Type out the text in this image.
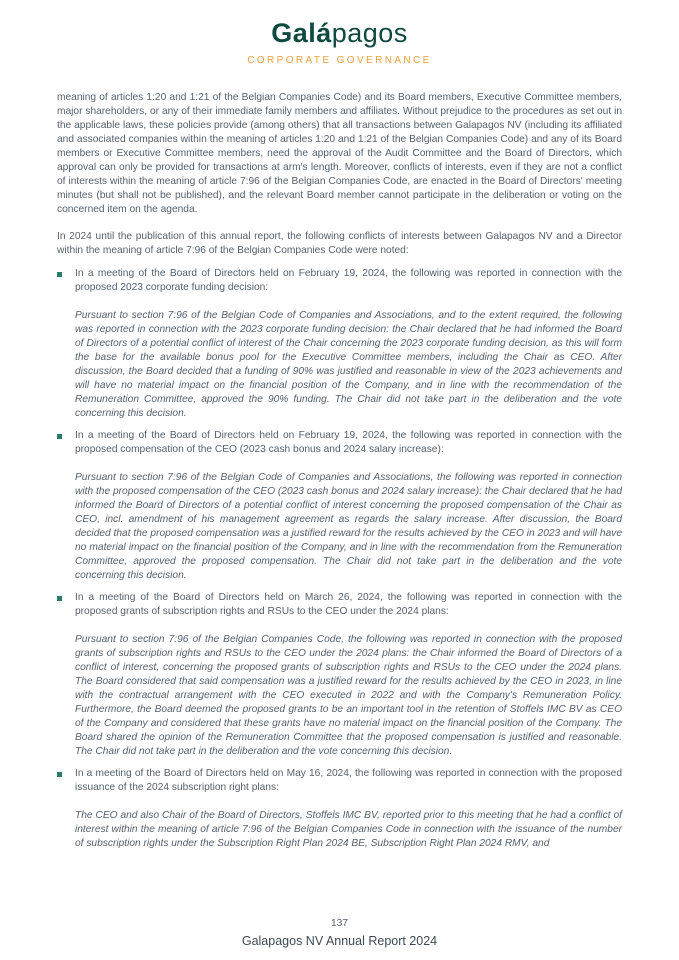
Galápagos
CORPORATE GOVERNANCE

meaning of articles 1:20 and 1:21 of the Belgian Companies Code) and its Board members, Executive Committee members, major shareholders, or any of their immediate family members and affiliates. Without prejudice to the procedures as set out in the applicable laws, these policies provide (among others) that all transactions between Galapagos NV (including its affiliated and associated companies within the meaning of articles 1:20 and 1:21 of the Belgian Companies Code) and any of its Board members or Executive Committee members, need the approval of the Audit Committee and the Board of Directors, which approval can only be provided for transactions at arm's length. Moreover, conflicts of interests, even if they are not a conflict of interests within the meaning of article 7:96 of the Belgian Companies Code, are enacted in the Board of Directors' meeting minutes (but shall not be published), and the relevant Board member cannot participate in the deliberation or voting on the concerned item on the agenda.

In 2024 until the publication of this annual report, the following conflicts of interests between Galapagos NV and a Director within the meaning of article 7:96 of the Belgian Companies Code were noted:

In a meeting of the Board of Directors held on February 19, 2024, the following was reported in connection with the proposed 2023 corporate funding decision:

Pursuant to section 7:96 of the Belgian Code of Companies and Associations, and to the extent required, the following was reported in connection with the 2023 corporate funding decision: the Chair declared that he had informed the Board of Directors of a potential conflict of interest of the Chair concerning the 2023 corporate funding decision, as this will form the base for the available bonus pool for the Executive Committee members, including the Chair as CEO. After discussion, the Board decided that a funding of 90% was justified and reasonable in view of the 2023 achievements and will have no material impact on the financial position of the Company, and in line with the recommendation of the Remuneration Committee, approved the 90% funding. The Chair did not take part in the deliberation and the vote concerning this decision.

In a meeting of the Board of Directors held on February 19, 2024, the following was reported in connection with the proposed compensation of the CEO (2023 cash bonus and 2024 salary increase):

Pursuant to section 7:96 of the Belgian Code of Companies and Associations, the following was reported in connection with the proposed compensation of the CEO (2023 cash bonus and 2024 salary increase): the Chair declared that he had informed the Board of Directors of a potential conflict of interest concerning the proposed compensation of the Chair as CEO, incl. amendment of his management agreement as regards the salary increase. After discussion, the Board decided that the proposed compensation was a justified reward for the results achieved by the CEO in 2023 and will have no material impact on the financial position of the Company, and in line with the recommendation from the Remuneration Committee, approved the proposed compensation. The Chair did not take part in the deliberation and the vote concerning this decision.

In a meeting of the Board of Directors held on March 26, 2024, the following was reported in connection with the proposed grants of subscription rights and RSUs to the CEO under the 2024 plans:

Pursuant to section 7:96 of the Belgian Companies Code, the following was reported in connection with the proposed grants of subscription rights and RSUs to the CEO under the 2024 plans: the Chair informed the Board of Directors of a conflict of interest, concerning the proposed grants of subscription rights and RSUs to the CEO under the 2024 plans. The Board considered that said compensation was a justified reward for the results achieved by the CEO in 2023, in line with the contractual arrangement with the CEO executed in 2022 and with the Company's Remuneration Policy. Furthermore, the Board deemed the proposed grants to be an important tool in the retention of Stoffels IMC BV as CEO of the Company and considered that these grants have no material impact on the financial position of the Company. The Board shared the opinion of the Remuneration Committee that the proposed compensation is justified and reasonable. The Chair did not take part in the deliberation and the vote concerning this decision.

In a meeting of the Board of Directors held on May 16, 2024, the following was reported in connection with the proposed issuance of the 2024 subscription right plans:

The CEO and also Chair of the Board of Directors, Stoffels IMC BV, reported prior to this meeting that he had a conflict of interest within the meaning of article 7:96 of the Belgian Companies Code in connection with the issuance of the number of subscription rights under the Subscription Right Plan 2024 BE, Subscription Right Plan 2024 RMV, and

137
Galapagos NV Annual Report 2024
